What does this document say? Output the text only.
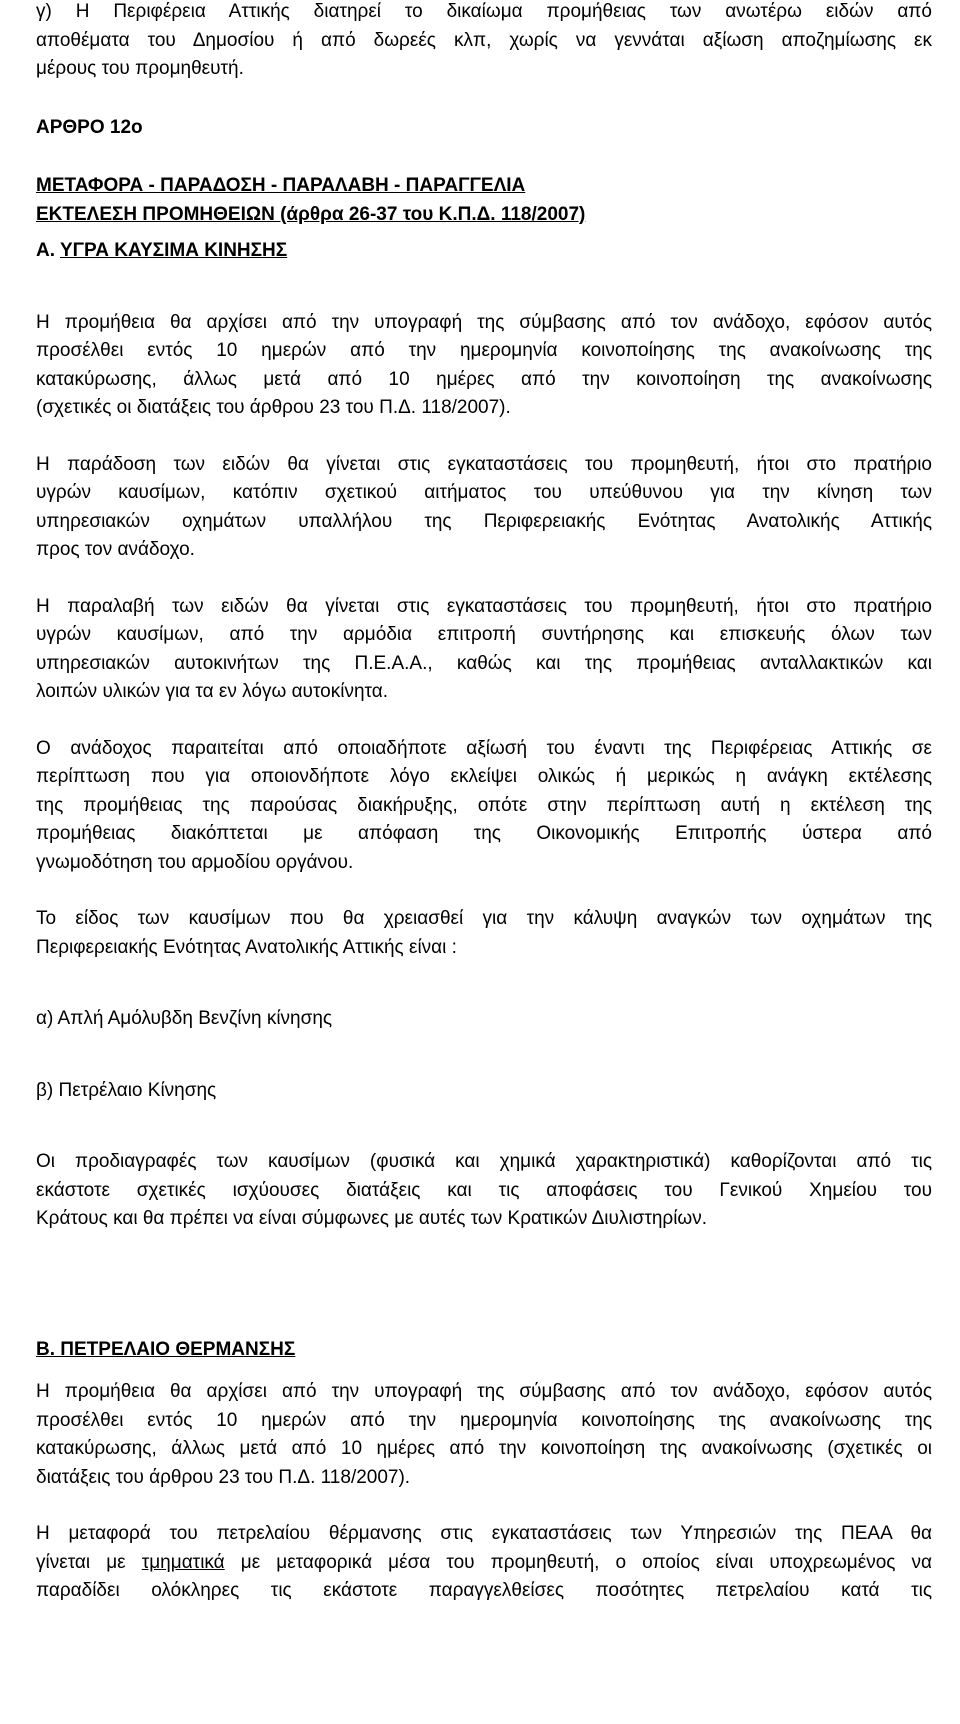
γ) Η Περιφέρεια Αττικής διατηρεί το δικαίωμα προμήθειας των ανωτέρω ειδών από

αποθέματα του Δημοσίου ή από δωρεές κλπ, χωρίς να γεννάται αξίωση αποζημίωσης εκ

μέρους του προμηθευτή.

ΑΡΘΡΟ 12ο

ΜΕΤΑΦΟΡΑ - ΠΑΡΑΔΟΣΗ - ΠΑΡΑΛΑΒΗ - ΠΑΡΑΓΓΕΛΙΑ

ΕΚΤΕΛΕΣΗ ΠΡΟΜΗΘΕΙΩΝ (άρθρα 26-37 του Κ.Π.Δ. 118/2007)

Α. ΥΓΡΑ ΚΑΥΣΙΜΑ ΚΙΝΗΣΗΣ

Η προμήθεια θα αρχίσει από την υπογραφή της σύμβασης από τον ανάδοχο, εφόσον αυτός

προσέλθει εντός 10 ημερών από την ημερομηνία κοινοποίησης της ανακοίνωσης της

κατακύρωσης, άλλως μετά από 10 ημέρες από την κοινοποίηση της ανακοίνωσης

(σχετικές οι διατάξεις του άρθρου 23 του Π.Δ. 118/2007).

Η παράδοση των ειδών θα γίνεται στις εγκαταστάσεις του προμηθευτή, ήτοι στο πρατήριο

υγρών καυσίμων, κατόπιν σχετικού αιτήματος του υπεύθυνου για την κίνηση των

υπηρεσιακών οχημάτων υπαλλήλου της Περιφερειακής Ενότητας Ανατολικής Αττικής

προς τον ανάδοχο.

Η παραλαβή των ειδών θα γίνεται στις εγκαταστάσεις του προμηθευτή, ήτοι στο πρατήριο

υγρών καυσίμων, από την αρμόδια επιτροπή συντήρησης και επισκευής όλων των

υπηρεσιακών αυτοκινήτων της Π.Ε.Α.Α., καθώς και της προμήθειας ανταλλακτικών και

λοιπών υλικών για τα εν λόγω αυτοκίνητα.

Ο ανάδοχος παραιτείται από οποιαδήποτε αξίωσή του έναντι της Περιφέρειας Αττικής σε

περίπτωση που για οποιονδήποτε λόγο εκλείψει ολικώς ή μερικώς η ανάγκη εκτέλεσης

της προμήθειας της παρούσας διακήρυξης, οπότε στην περίπτωση αυτή η εκτέλεση της

προμήθειας διακόπτεται με απόφαση της Οικονομικής Επιτροπής ύστερα από

γνωμοδότηση του αρμοδίου οργάνου.

Το είδος των καυσίμων που θα χρειασθεί για την κάλυψη αναγκών των οχημάτων της

Περιφερειακής Ενότητας Ανατολικής Αττικής είναι :

α) Απλή Αμόλυβδη Βενζίνη κίνησης

β) Πετρέλαιο Κίνησης

Οι προδιαγραφές των καυσίμων (φυσικά και χημικά χαρακτηριστικά) καθορίζονται από τις

εκάστοτε σχετικές ισχύουσες διατάξεις και τις αποφάσεις του Γενικού Χημείου του

Κράτους και θα πρέπει να είναι σύμφωνες με αυτές των Κρατικών Διυλιστηρίων.

Β. ΠΕΤΡΕΛΑΙΟ ΘΕΡΜΑΝΣΗΣ

Η προμήθεια θα αρχίσει από την υπογραφή της σύμβασης από τον ανάδοχο, εφόσον αυτός

προσέλθει εντός 10 ημερών από την ημερομηνία κοινοποίησης της ανακοίνωσης της

κατακύρωσης, άλλως μετά από 10 ημέρες από την κοινοποίηση της ανακοίνωσης (σχετικές οι

διατάξεις του άρθρου 23 του Π.Δ. 118/2007).

Η μεταφορά του πετρελαίου θέρμανσης στις εγκαταστάσεις των Υπηρεσιών της ΠΕΑΑ θα

γίνεται με τμηματικά με μεταφορικά μέσα του προμηθευτή, ο οποίος είναι υποχρεωμένος να

παραδίδει ολόκληρες τις εκάστοτε παραγγελθείσες ποσότητες πετρελαίου κατά τις
